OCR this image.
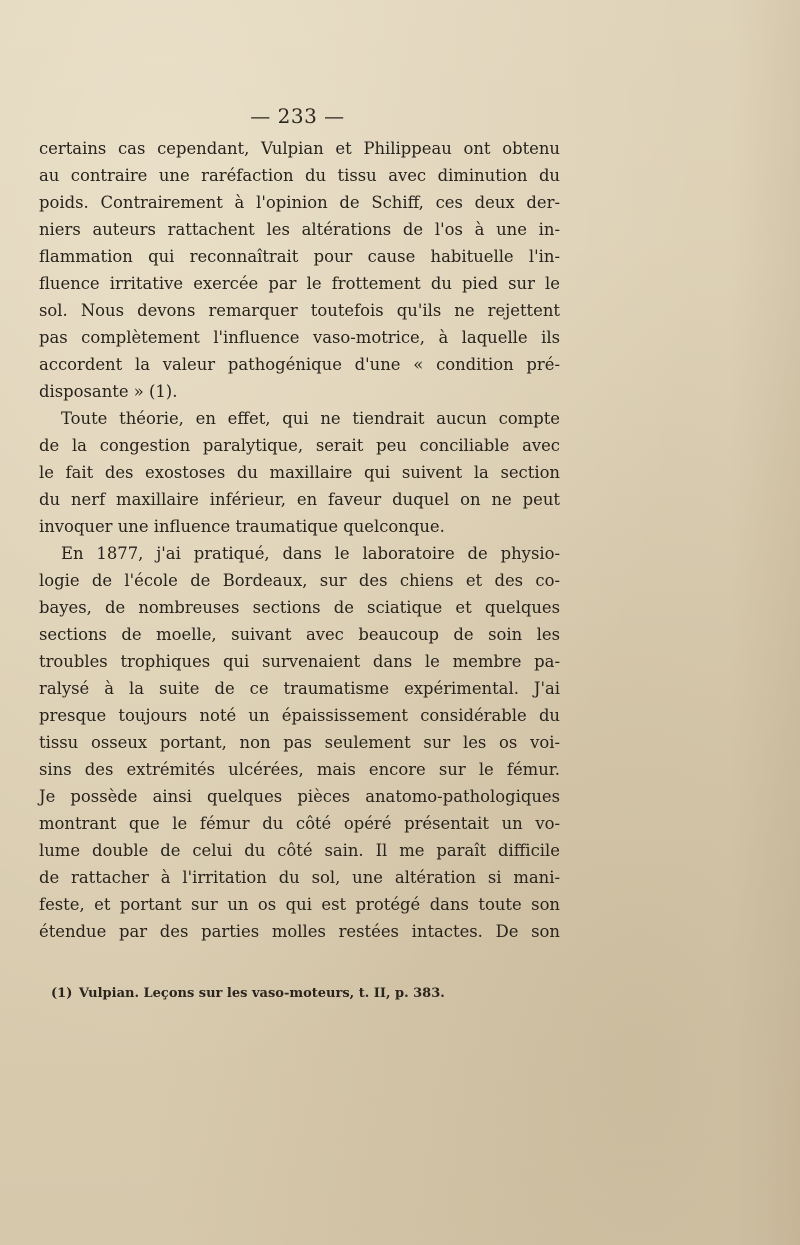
— 233 —
certains cas cependant, Vulpian et Philippeau ont obtenu
au contraire une raréfaction du tissu avec diminution du
poids. Contrairement à l'opinion de Schiff, ces deux der-
niers auteurs rattachent les altérations de l'os à une in-
flammation qui reconnaîtrait pour cause habituelle l'in-
fluence irritative exercée par le frottement du pied sur le
sol. Nous devons remarquer toutefois qu'ils ne rejettent
pas complètement l'influence vaso-motrice, à laquelle ils
accordent la valeur pathogénique d'une « condition pré-
disposante » (1).
Toute théorie, en effet, qui ne tiendrait aucun compte
de la congestion paralytique, serait peu conciliable avec
le fait des exostoses du maxillaire qui suivent la section
du nerf maxillaire inférieur, en faveur duquel on ne peut
invoquer une influence traumatique quelconque.
En 1877, j'ai pratiqué, dans le laboratoire de physio-
logie de l'école de Bordeaux, sur des chiens et des co-
bayes, de nombreuses sections de sciatique et quelques
sections de moelle, suivant avec beaucoup de soin les
troubles trophiques qui survenaient dans le membre pa-
ralysé à la suite de ce traumatisme expérimental. J'ai
presque toujours noté un épaississement considérable du
tissu osseux portant, non pas seulement sur les os voi-
sins des extrémités ulcérées, mais encore sur le fémur.
Je possède ainsi quelques pièces anatomo-pathologiques
montrant que le fémur du côté opéré présentait un vo-
lume double de celui du côté sain. Il me paraît difficile
de rattacher à l'irritation du sol, une altération si mani-
feste, et portant sur un os qui est protégé dans toute son
étendue par des parties molles restées intactes. De son
(1) Vulpian. Leçons sur les vaso-moteurs, t. II, p. 383.
